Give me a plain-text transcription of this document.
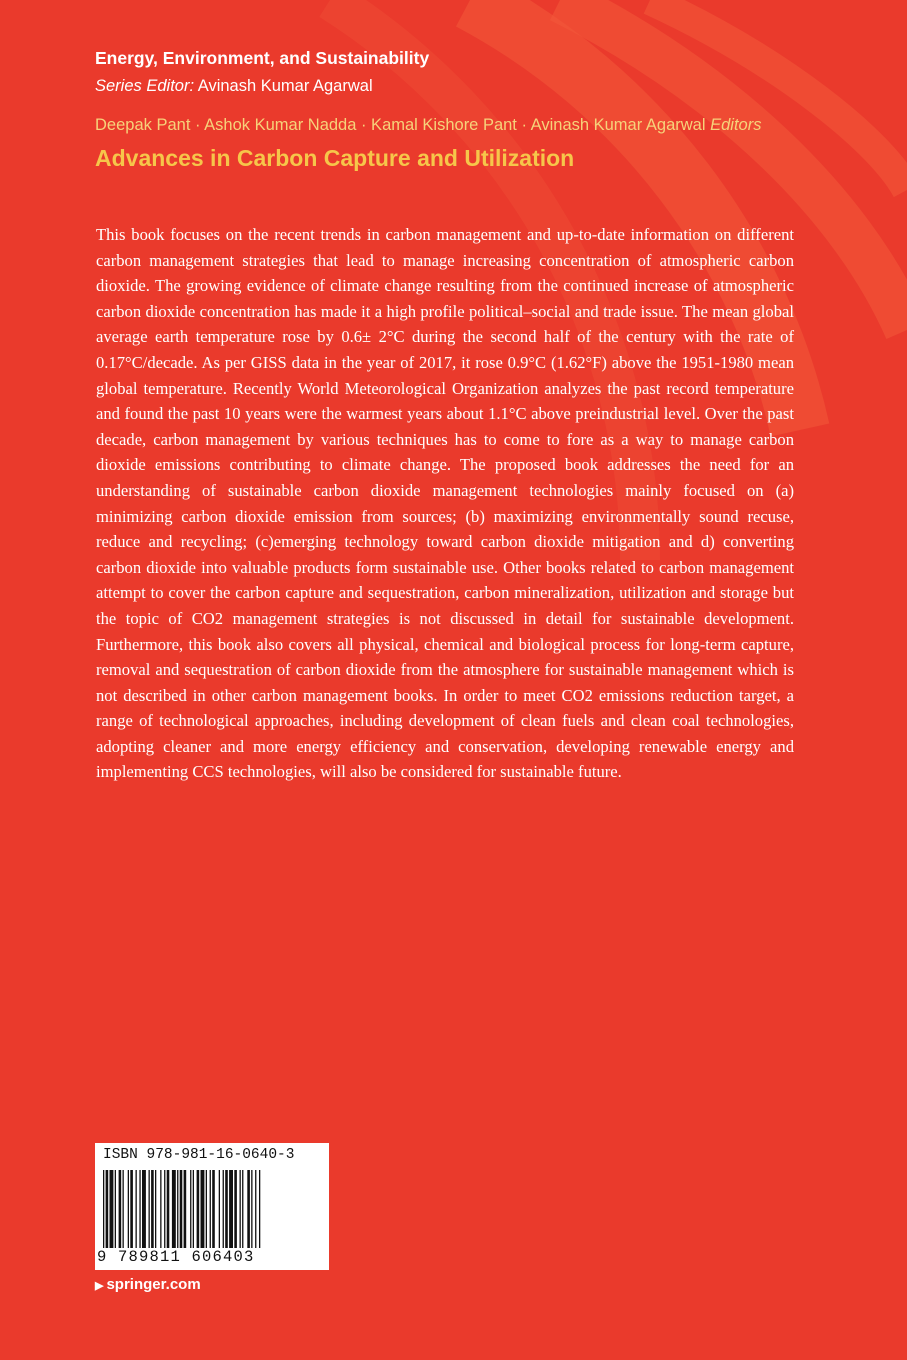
Energy, Environment, and Sustainability
Series Editor: Avinash Kumar Agarwal
Deepak Pant · Ashok Kumar Nadda · Kamal Kishore Pant · Avinash Kumar Agarwal Editors
Advances in Carbon Capture and Utilization
This book focuses on the recent trends in carbon management and up-to-date information on different carbon management strategies that lead to manage increasing concentration of atmospheric carbon dioxide. The growing evidence of climate change resulting from the continued increase of atmospheric carbon dioxide concentration has made it a high profile political–social and trade issue. The mean global average earth temperature rose by 0.6± 2°C during the second half of the century with the rate of 0.17°C/decade. As per GISS data in the year of 2017, it rose 0.9°C (1.62°F) above the 1951-1980 mean global temperature. Recently World Meteorological Organization analyzes the past record temperature and found the past 10 years were the warmest years about 1.1°C above preindustrial level. Over the past decade, carbon management by various techniques has to come to fore as a way to manage carbon dioxide emissions contributing to climate change. The proposed book addresses the need for an understanding of sustainable carbon dioxide management technologies mainly focused on (a) minimizing carbon dioxide emission from sources; (b) maximizing environmentally sound recuse, reduce and recycling; (c)emerging technology toward carbon dioxide mitigation and d) converting carbon dioxide into valuable products form sustainable use. Other books related to carbon management attempt to cover the carbon capture and sequestration, carbon mineralization, utilization and storage but the topic of CO2 management strategies is not discussed in detail for sustainable development. Furthermore, this book also covers all physical, chemical and biological process for long-term capture, removal and sequestration of carbon dioxide from the atmosphere for sustainable management which is not described in other carbon management books. In order to meet CO2 emissions reduction target, a range of technological approaches, including development of clean fuels and clean coal technologies, adopting cleaner and more energy efficiency and conservation, developing renewable energy and implementing CCS technologies, will also be considered for sustainable future.
ISBN 978-981-16-0640-3
9 789811 606403
▶ springer.com
